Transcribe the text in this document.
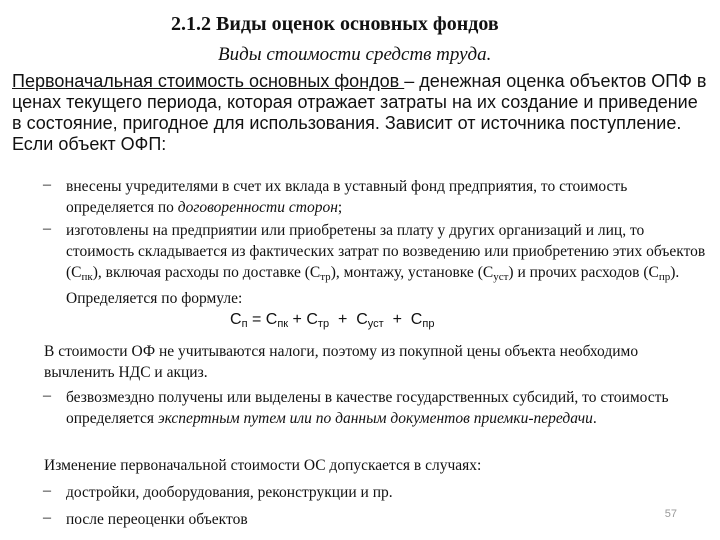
2.1.2 Виды оценок основных фондов
Виды стоимости средств труда.
Первоначальная стоимость основных фондов – денежная оценка объектов ОПФ в ценах текущего периода, которая отражает затраты на их создание и приведение в состояние, пригодное для использования. Зависит от источника поступление.
Если объект ОФП:
– внесены учредителями в счет их вклада в уставный фонд предприятия, то стоимость определяется по договоренности сторон;
– изготовлены на предприятии или приобретены за плату у других организаций и лиц, то стоимость складывается из фактических затрат по возведению или приобретению этих объектов $(С_{пк})$, включая расходы по доставке $(С_{тр})$, монтажу, установке $(С_{уст})$ и прочих расходов $(С_{пр})$. Определяется по формуле:
$С_п = С_{пк} + С_{тр} + С_{уст} + С_{пр}$
В стоимости ОФ не учитываются налоги, поэтому из покупной цены объекта необходимо вычленить НДС и акциз.
– безвозмездно получены или выделены в качестве государственных субсидий, то стоимость определяется экспертным путем или по данным документов приемки-передачи.
Изменение первоначальной стоимости ОС допускается в случаях:
– достройки, дооборудования, реконструкции и пр.
– после переоценки объектов	57
